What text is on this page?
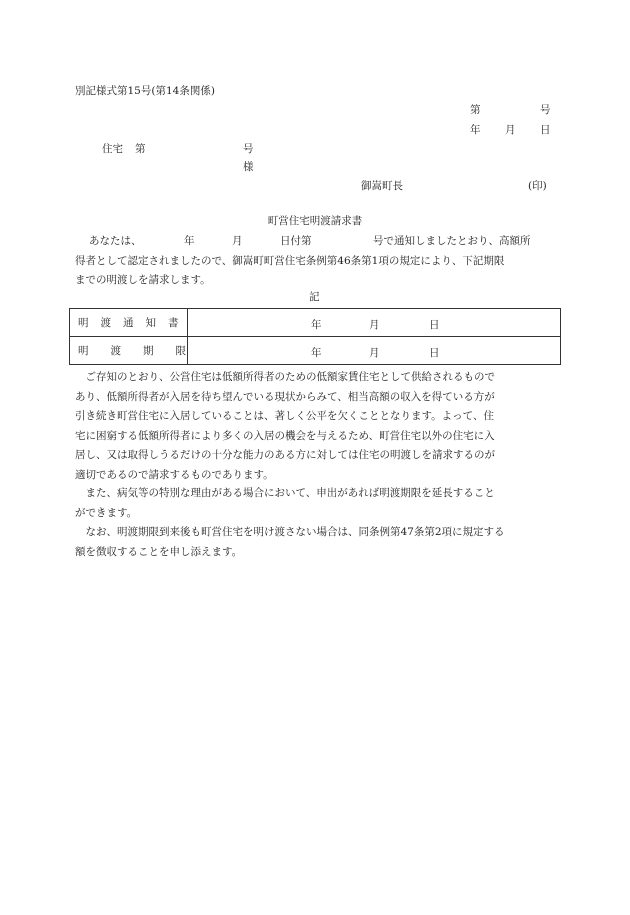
別記様式第15号(第14条関係)
第	号
年 月 日
住宅 第	号
様
御嵩町長	(印)
町営住宅明渡請求書
あなたは、	年	月	日付第	号で通知しましたとおり、高額所
得者として認定されましたので、御嵩町町営住宅条例第46条第1項の規定により、下記期限
までの明渡しを請求します。
記
明 渡 通 知 書	年 月 日

明 渡 期 限	年 月 日
　ご存知のとおり、公営住宅は低額所得者のための低額家賃住宅として供給されるもので
あり、低額所得者が入居を待ち望んでいる現状からみて、相当高額の収入を得ている方が
引き続き町営住宅に入居していることは、著しく公平を欠くこととなります。よって、住
宅に困窮する低額所得者により多くの入居の機会を与えるため、町営住宅以外の住宅に入
居し、又は取得しうるだけの十分な能力のある方に対しては住宅の明渡しを請求するのが
適切であるので請求するものであります。
　また、病気等の特別な理由がある場合において、申出があれば明渡期限を延長すること
ができます。
　なお、明渡期限到来後も町営住宅を明け渡さない場合は、同条例第47条第2項に規定する
額を徴収することを申し添えます。
